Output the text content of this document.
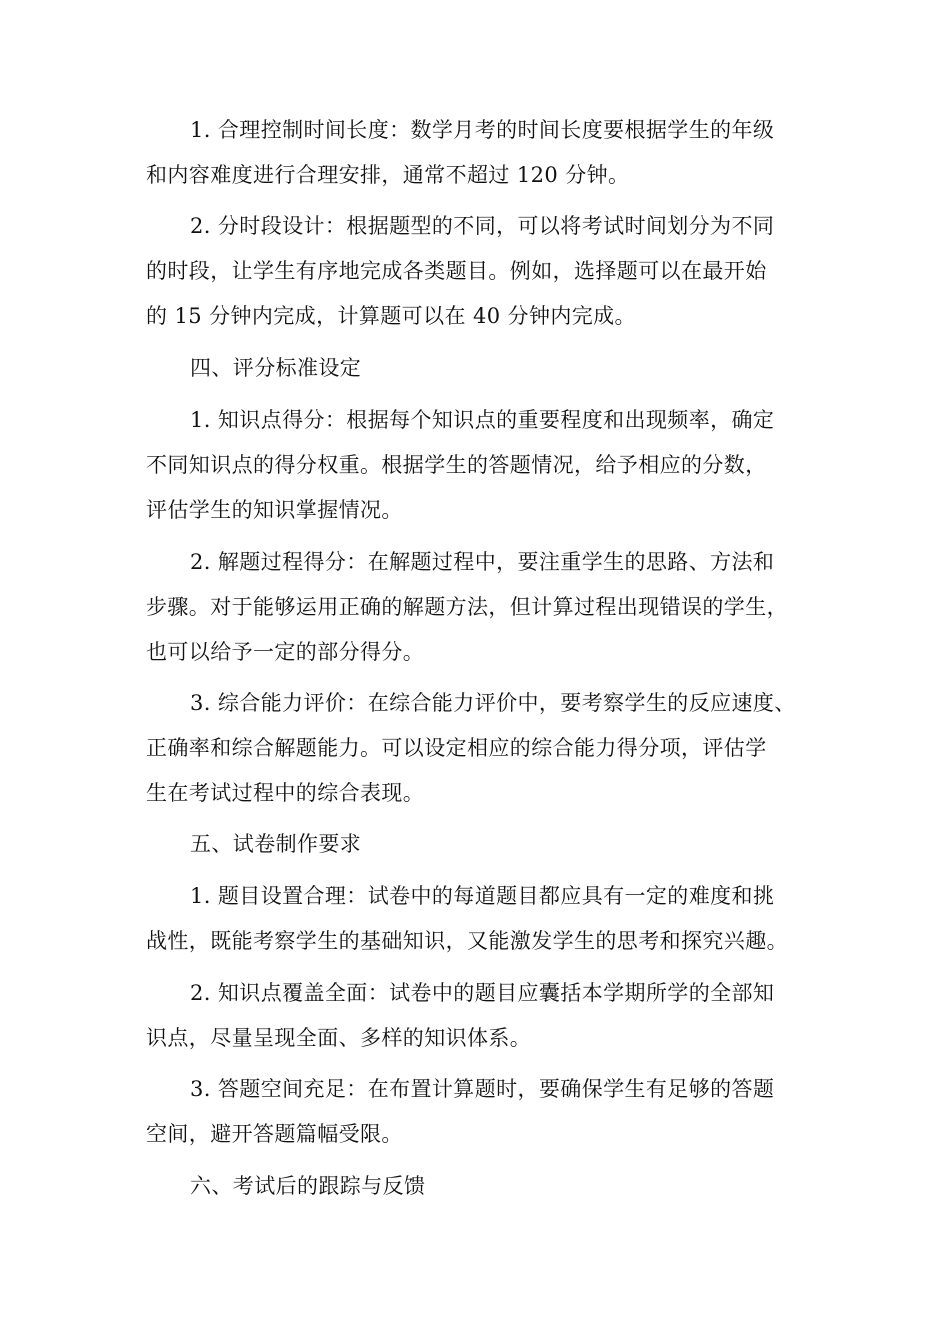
1. 合理控制时间长度：数学月考的时间长度要根据学生的年级
和内容难度进行合理安排，通常不超过 120 分钟。
2. 分时段设计：根据题型的不同，可以将考试时间划分为不同
的时段，让学生有序地完成各类题目。例如，选择题可以在最开始
的 15 分钟内完成，计算题可以在 40 分钟内完成。
四、评分标准设定
1. 知识点得分：根据每个知识点的重要程度和出现频率，确定
不同知识点的得分权重。根据学生的答题情况，给予相应的分数，
评估学生的知识掌握情况。
2. 解题过程得分：在解题过程中，要注重学生的思路、方法和
步骤。对于能够运用正确的解题方法，但计算过程出现错误的学生，
也可以给予一定的部分得分。
3. 综合能力评价：在综合能力评价中，要考察学生的反应速度、
正确率和综合解题能力。可以设定相应的综合能力得分项，评估学
生在考试过程中的综合表现。
五、试卷制作要求
1. 题目设置合理：试卷中的每道题目都应具有一定的难度和挑
战性，既能考察学生的基础知识，又能激发学生的思考和探究兴趣。
2. 知识点覆盖全面：试卷中的题目应囊括本学期所学的全部知
识点，尽量呈现全面、多样的知识体系。
3. 答题空间充足：在布置计算题时，要确保学生有足够的答题
空间，避开答题篇幅受限。
六、考试后的跟踪与反馈
